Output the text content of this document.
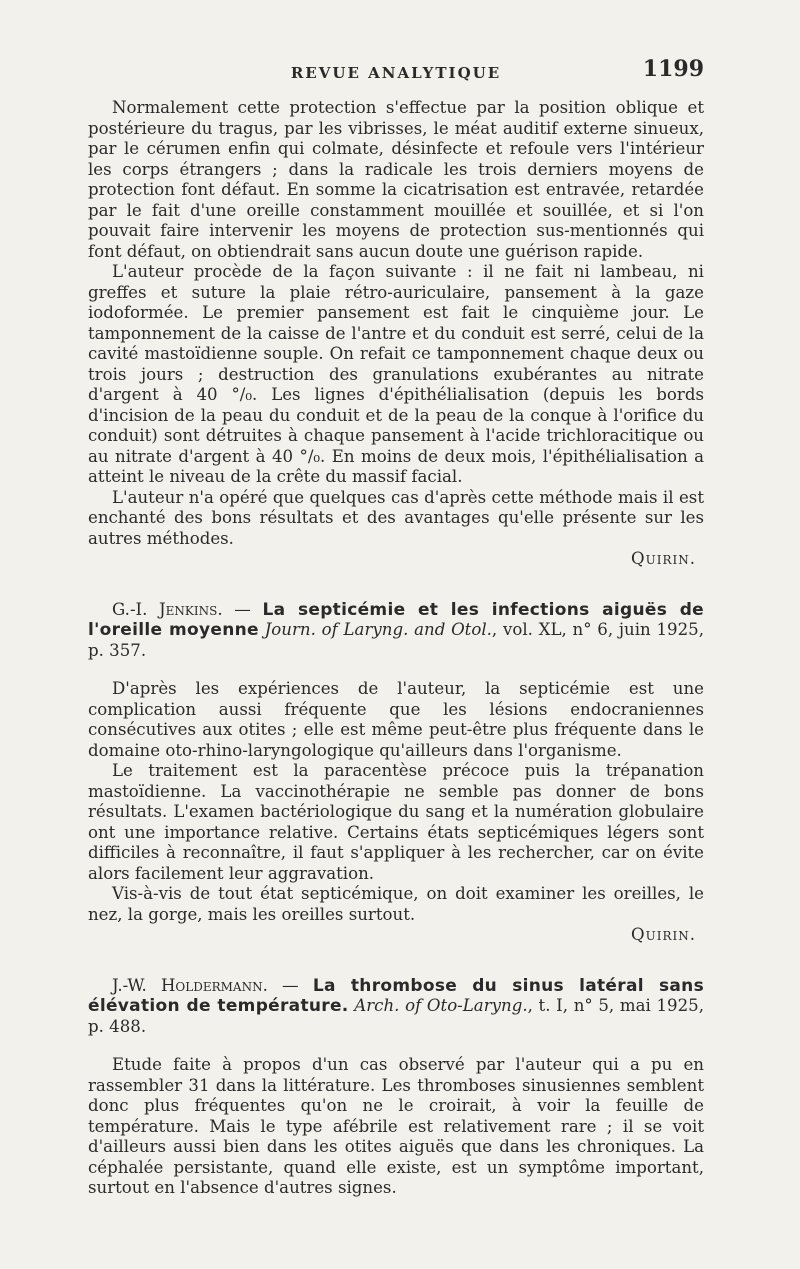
REVUE ANALYTIQUE	1199

Normalement cette protection s'effectue par la position oblique et postérieure du tragus, par les vibrisses, le méat auditif externe sinueux, par le cérumen enfin qui colmate, désinfecte et refoule vers l'intérieur les corps étrangers ; dans la radicale les trois derniers moyens de protection font défaut. En somme la cicatrisation est entravée, retardée par le fait d'une oreille constamment mouillée et souillée, et si l'on pouvait faire intervenir les moyens de protection sus-mentionnés qui font défaut, on obtiendrait sans aucun doute une guérison rapide.

L'auteur procède de la façon suivante : il ne fait ni lambeau, ni greffes et suture la plaie rétro-auriculaire, pansement à la gaze iodoformée. Le premier pansement est fait le cinquième jour. Le tamponnement de la caisse de l'antre et du conduit est serré, celui de la cavité mastoïdienne souple. On refait ce tamponnement chaque deux ou trois jours ; destruction des granulations exubérantes au nitrate d'argent à 40 °/₀. Les lignes d'épithélialisation (depuis les bords d'incision de la peau du conduit et de la peau de la conque à l'orifice du conduit) sont détruites à chaque pansement à l'acide trichloracitique ou au nitrate d'argent à 40 °/₀. En moins de deux mois, l'épithélialisation a atteint le niveau de la crête du massif facial.

L'auteur n'a opéré que quelques cas d'après cette méthode mais il est enchanté des bons résultats et des avantages qu'elle présente sur les autres méthodes.

Quirin.

G.-I. Jenkins. — La septicémie et les infections aiguës de l'oreille moyenne Journ. of Laryng. and Otol., vol. XL, n° 6, juin 1925, p. 357.

D'après les expériences de l'auteur, la septicémie est une complication aussi fréquente que les lésions endocraniennes consécutives aux otites ; elle est même peut-être plus fréquente dans le domaine oto-rhino-laryngologique qu'ailleurs dans l'organisme.

Le traitement est la paracentèse précoce puis la trépanation mastoïdienne. La vaccinothérapie ne semble pas donner de bons résultats. L'examen bactériologique du sang et la numération globulaire ont une importance relative. Certains états septicémiques légers sont difficiles à reconnaître, il faut s'appliquer à les rechercher, car on évite alors facilement leur aggravation.

Vis-à-vis de tout état septicémique, on doit examiner les oreilles, le nez, la gorge, mais les oreilles surtout.

Quirin.

J.-W. Holdermann. — La thrombose du sinus latéral sans élévation de température. Arch. of Oto-Laryng., t. I, n° 5, mai 1925, p. 488.

Etude faite à propos d'un cas observé par l'auteur qui a pu en rassembler 31 dans la littérature. Les thromboses sinusiennes semblent donc plus fréquentes qu'on ne le croirait, à voir la feuille de température. Mais le type afébrile est relativement rare ; il se voit d'ailleurs aussi bien dans les otites aiguës que dans les chroniques. La céphalée persistante, quand elle existe, est un symptôme important, surtout en l'absence d'autres signes.
